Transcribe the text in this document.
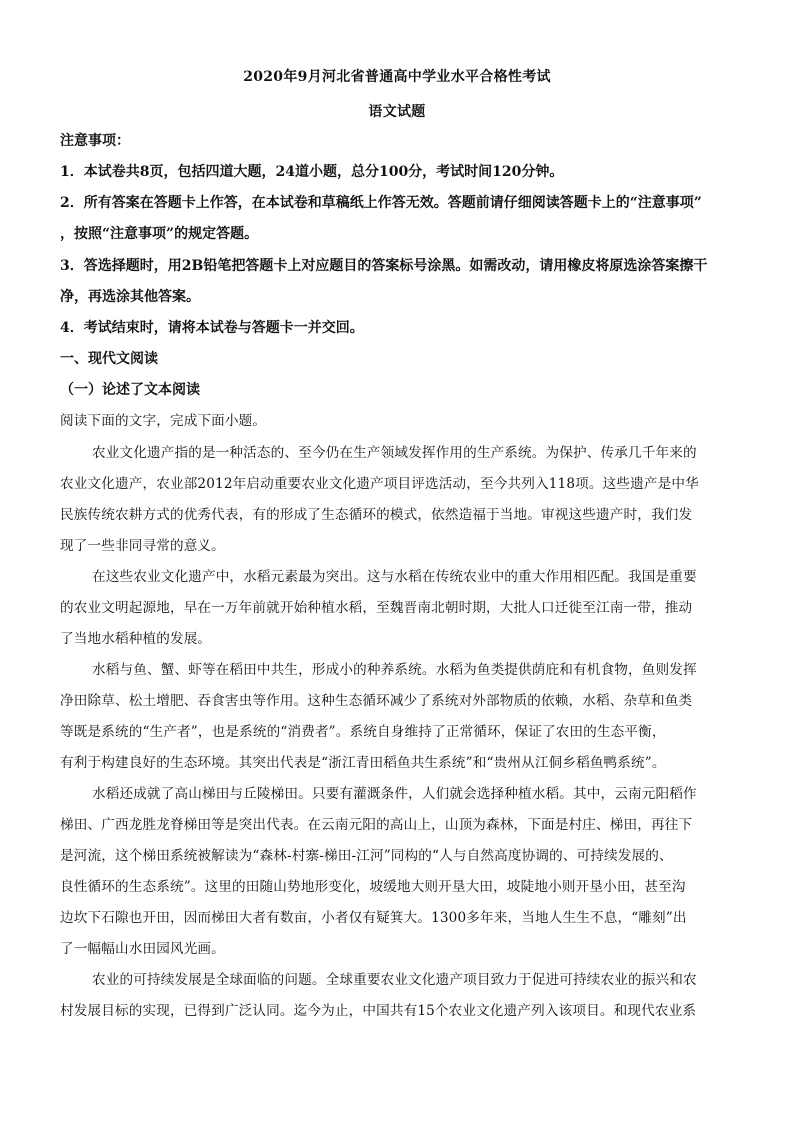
2020年9月河北省普通高中学业水平合格性考试
语文试题
注意事项：
1．本试卷共8页，包括四道大题，24道小题，总分100分，考试时间120分钟。
2．所有答案在答题卡上作答，在本试卷和草稿纸上作答无效。答题前请仔细阅读答题卡上的“注意事项”
，按照“注意事项”的规定答题。
3．答选择题时，用2B铅笔把答题卡上对应题目的答案标号涂黑。如需改动，请用橡皮将原选涂答案擦干
净，再选涂其他答案。
4．考试结束时，请将本试卷与答题卡一并交回。
一、现代文阅读
（一）论述了文本阅读
阅读下面的文字，完成下面小题。
农业文化遗产指的是一种活态的、至今仍在生产领域发挥作用的生产系统。为保护、传承几千年来的
农业文化遗产，农业部2012年启动重要农业文化遗产项目评选活动，至今共列入118项。这些遗产是中华
民族传统农耕方式的优秀代表，有的形成了生态循环的模式，依然造福于当地。审视这些遗产时，我们发
现了一些非同寻常的意义。
在这些农业文化遗产中，水稻元素最为突出。这与水稻在传统农业中的重大作用相匹配。我国是重要
的农业文明起源地，早在一万年前就开始种植水稻，至魏晋南北朝时期，大批人口迁徙至江南一带，推动
了当地水稻种植的发展。
水稻与鱼、蟹、虾等在稻田中共生，形成小的种养系统。水稻为鱼类提供荫庇和有机食物，鱼则发挥
净田除草、松土增肥、吞食害虫等作用。这种生态循环减少了系统对外部物质的依赖，水稻、杂草和鱼类
等既是系统的“生产者”，也是系统的“消费者”。系统自身维持了正常循环，保证了农田的生态平衡，
有利于构建良好的生态环境。其突出代表是“浙江青田稻鱼共生系统”和“贵州从江侗乡稻鱼鸭系统”。
水稻还成就了高山梯田与丘陵梯田。只要有灌溉条件，人们就会选择种植水稻。其中，云南元阳稻作
梯田、广西龙胜龙脊梯田等是突出代表。在云南元阳的高山上，山顶为森林，下面是村庄、梯田，再往下
是河流，这个梯田系统被解读为“森林-村寨-梯田-江河”同构的“人与自然高度协调的、可持续发展的、
良性循环的生态系统”。这里的田随山势地形变化，坡缓地大则开垦大田，坡陡地小则开垦小田，甚至沟
边坎下石隙也开田，因而梯田大者有数亩，小者仅有疑箕大。1300多年来，当地人生生不息，“雕刻”出
了一幅幅山水田园风光画。
农业的可持续发展是全球面临的问题。全球重要农业文化遗产项目致力于促进可持续农业的振兴和农
村发展目标的实现，已得到广泛认同。迄今为止，中国共有15个农业文化遗产列入该项目。和现代农业系
